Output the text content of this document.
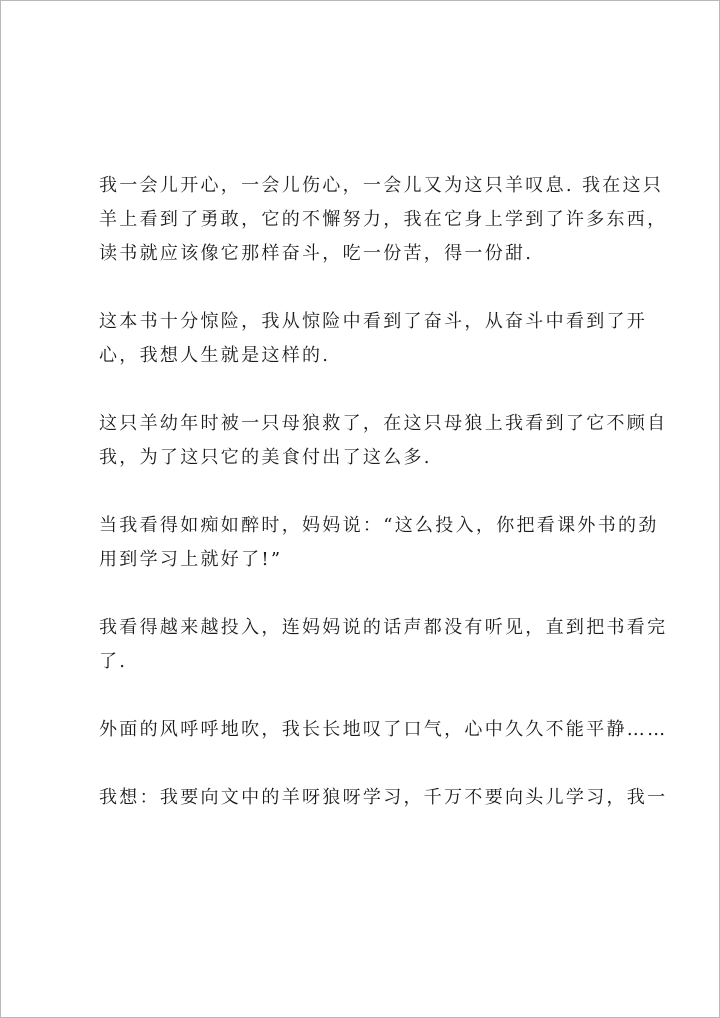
我一会儿开心，一会儿伤心，一会儿又为这只羊叹息. 我在这只
羊上看到了勇敢，它的不懈努力，我在它身上学到了许多东西，
读书就应该像它那样奋斗，吃一份苦，得一份甜.

这本书十分惊险，我从惊险中看到了奋斗，从奋斗中看到了开
心，我想人生就是这样的.

这只羊幼年时被一只母狼救了，在这只母狼上我看到了它不顾自
我，为了这只它的美食付出了这么多.

当我看得如痴如醉时，妈妈说：“这么投入，你把看课外书的劲
用到学习上就好了!”

我看得越来越投入，连妈妈说的话声都没有听见，直到把书看完
了.

外面的风呼呼地吹，我长长地叹了口气，心中久久不能平静……

我想：我要向文中的羊呀狼呀学习，千万不要向头儿学习，我一
